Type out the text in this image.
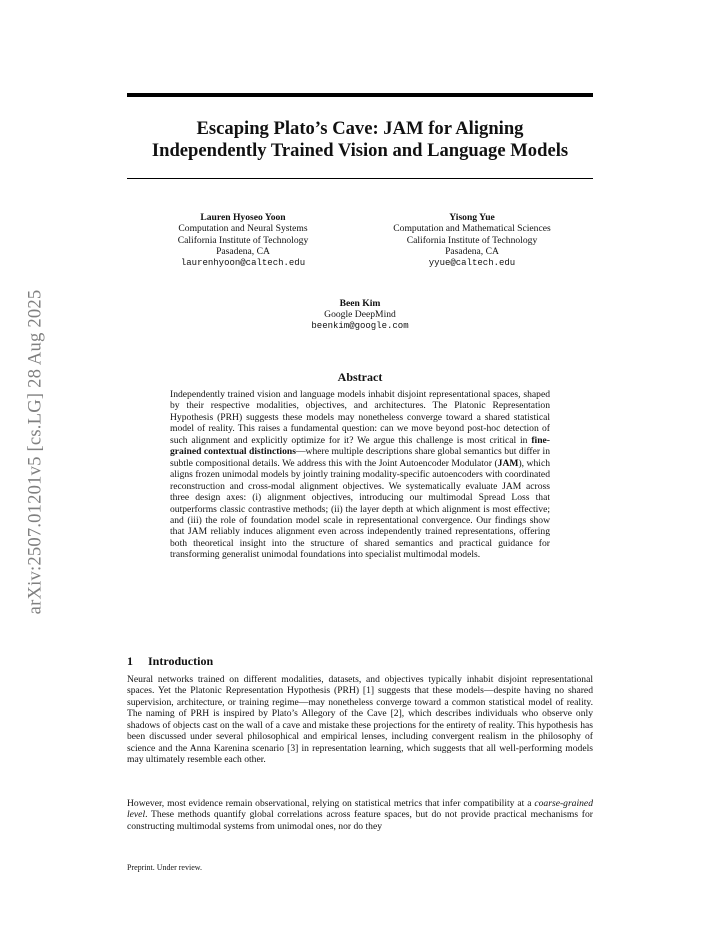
arXiv:2507.01201v5 [cs.LG] 28 Aug 2025
Escaping Plato’s Cave: JAM for Aligning
Independently Trained Vision and Language Models
Lauren Hyoseo Yoon
Computation and Neural Systems
California Institute of Technology
Pasadena, CA
laurenhyoon@caltech.edu
Yisong Yue
Computation and Mathematical Sciences
California Institute of Technology
Pasadena, CA
yyue@caltech.edu
Been Kim
Google DeepMind
beenkim@google.com
Abstract

Independently trained vision and language models inhabit disjoint representational spaces, shaped by their respective modalities, objectives, and architectures. The Platonic Representation Hypothesis (PRH) suggests these models may nonetheless converge toward a shared statistical model of reality. This raises a fundamental question: can we move beyond post-hoc detection of such alignment and explicitly optimize for it? We argue this challenge is most critical in fine-grained contextual distinctions—where multiple descriptions share global semantics but differ in subtle compositional details. We address this with the Joint Autoencoder Modulator (JAM), which aligns frozen unimodal models by jointly training modality-specific autoencoders with coordinated reconstruction and cross-modal alignment objectives. We systematically evaluate JAM across three design axes: (i) alignment objectives, introducing our multimodal Spread Loss that outperforms classic contrastive methods; (ii) the layer depth at which alignment is most effective; and (iii) the role of foundation model scale in representational convergence. Our findings show that JAM reliably induces alignment even across independently trained representations, offering both theoretical insight into the structure of shared semantics and practical guidance for transforming generalist unimodal foundations into specialist multimodal models.

1 Introduction

Neural networks trained on different modalities, datasets, and objectives typically inhabit disjoint representational spaces. Yet the Platonic Representation Hypothesis (PRH) [1] suggests that these models—despite having no shared supervision, architecture, or training regime—may nonetheless converge toward a common statistical model of reality. The naming of PRH is inspired by Plato’s Allegory of the Cave [2], which describes individuals who observe only shadows of objects cast on the wall of a cave and mistake these projections for the entirety of reality. This hypothesis has been discussed under several philosophical and empirical lenses, including convergent realism in the philosophy of science and the Anna Karenina scenario [3] in representation learning, which suggests that all well-performing models may ultimately resemble each other.

However, most evidence remain observational, relying on statistical metrics that infer compatibility at a coarse-grained level. These methods quantify global correlations across feature spaces, but do not provide practical mechanisms for constructing multimodal systems from unimodal ones, nor do they

Preprint. Under review.
